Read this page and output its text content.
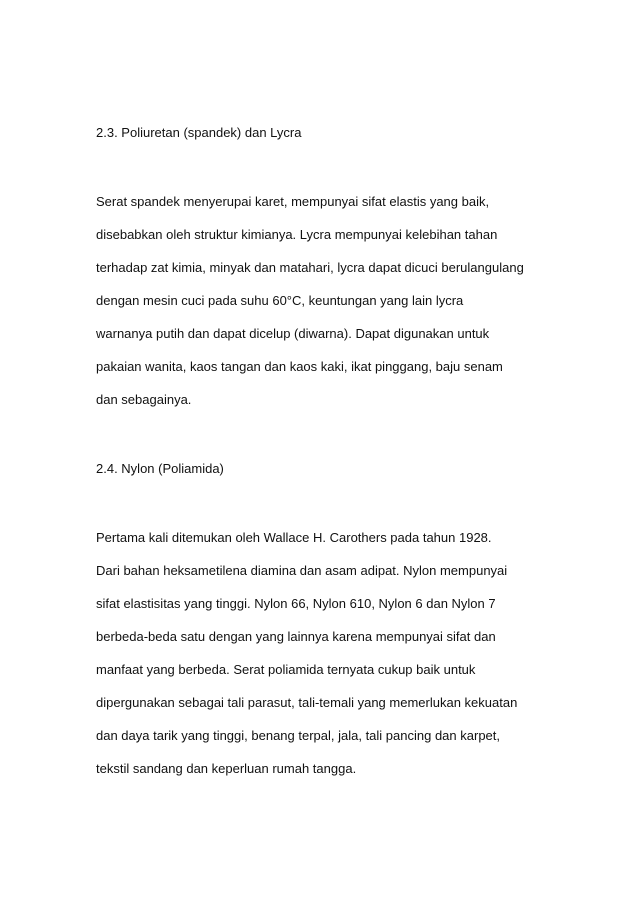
2.3. Poliuretan (spandek) dan Lycra

Serat spandek menyerupai karet, mempunyai sifat elastis yang baik,

disebabkan oleh struktur kimianya. Lycra mempunyai kelebihan tahan

terhadap zat kimia, minyak dan matahari, lycra dapat dicuci berulangulang

dengan mesin cuci pada suhu 60°C, keuntungan yang lain lycra

warnanya putih dan dapat dicelup (diwarna). Dapat digunakan untuk

pakaian wanita, kaos tangan dan kaos kaki, ikat pinggang, baju senam

dan sebagainya.

2.4. Nylon (Poliamida)

Pertama kali ditemukan oleh Wallace H. Carothers pada tahun 1928.

Dari bahan heksametilena diamina dan asam adipat. Nylon mempunyai

sifat elastisitas yang tinggi. Nylon 66, Nylon 610, Nylon 6 dan Nylon 7

berbeda-beda satu dengan yang lainnya karena mempunyai sifat dan

manfaat yang berbeda. Serat poliamida ternyata cukup baik untuk

dipergunakan sebagai tali parasut, tali-temali yang memerlukan kekuatan

dan daya tarik yang tinggi, benang terpal, jala, tali pancing dan karpet,

tekstil sandang dan keperluan rumah tangga.
